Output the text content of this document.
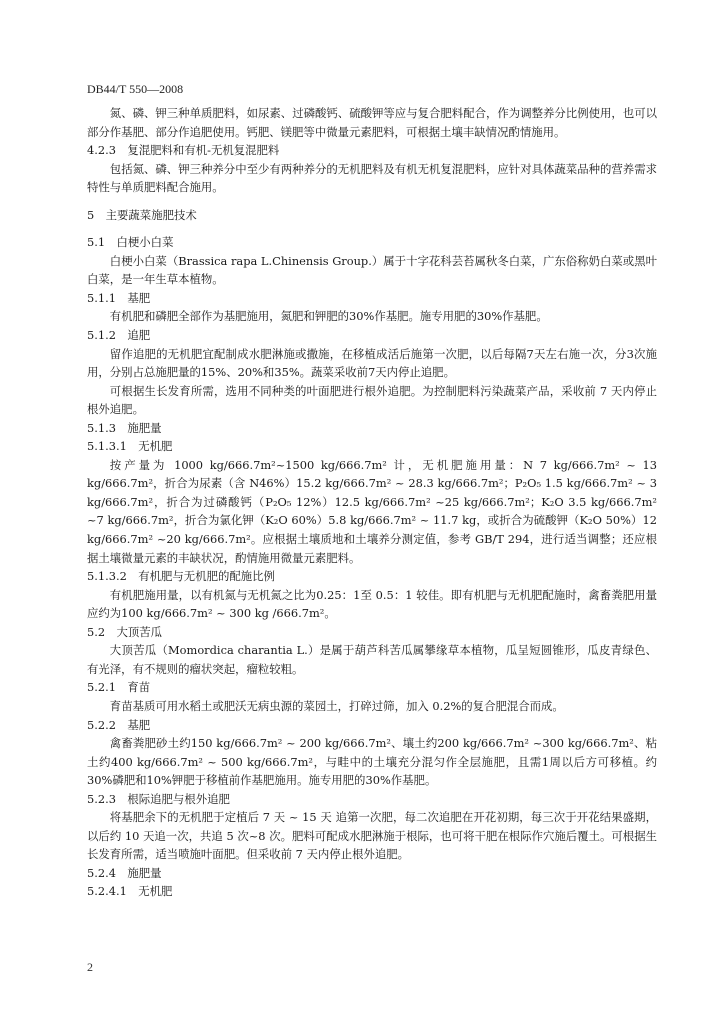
DB44/T 550—2008

氮、磷、钾三种单质肥料，如尿素、过磷酸钙、硫酸钾等应与复合肥料配合，作为调整养分比例使用，也可以部分作基肥、部分作追肥使用。钙肥、镁肥等中微量元素肥料，可根据土壤丰缺情况酌情施用。

4.2.3　复混肥料和有机-无机复混肥料

包括氮、磷、钾三种养分中至少有两种养分的无机肥料及有机无机复混肥料，应针对具体蔬菜品种的营养需求特性与单质肥料配合施用。

5　主要蔬菜施肥技术

5.1　白梗小白菜

白梗小白菜（Brassica rapa L.Chinensis Group.）属于十字花科芸苔属秋冬白菜，广东俗称奶白菜或黑叶白菜，是一年生草本植物。

5.1.1　基肥

有机肥和磷肥全部作为基肥施用，氮肥和钾肥的30%作基肥。施专用肥的30%作基肥。

5.1.2　追肥

留作追肥的无机肥宜配制成水肥淋施或撒施，在移植成活后施第一次肥，以后每隔7天左右施一次，分3次施用，分别占总施肥量的15%、20%和35%。蔬菜采收前7天内停止追肥。

可根据生长发育所需，选用不同种类的叶面肥进行根外追肥。为控制肥料污染蔬菜产品，采收前 7 天内停止根外追肥。

5.1.3　施肥量

5.1.3.1　无机肥

按产量为 1000 kg/666.7m²~1500 kg/666.7m² 计，无机肥施用量：N 7 kg/666.7m² ~ 13 kg/666.7m²，折合为尿素（含 N46%）15.2 kg/666.7m² ~ 28.3 kg/666.7m²；P₂O₅ 1.5 kg/666.7m² ~ 3 kg/666.7m²，折合为过磷酸钙（P₂O₅ 12%）12.5 kg/666.7m² ~25 kg/666.7m²；K₂O 3.5 kg/666.7m² ~7 kg/666.7m²，折合为氯化钾（K₂O 60%）5.8 kg/666.7m² ~ 11.7 kg，或折合为硫酸钾（K₂O 50%）12 kg/666.7m² ~20 kg/666.7m²。应根据土壤质地和土壤养分测定值，参考 GB/T 294，进行适当调整；还应根据土壤微量元素的丰缺状况，酌情施用微量元素肥料。

5.1.3.2　有机肥与无机肥的配施比例

有机肥施用量，以有机氮与无机氮之比为0.25：1至 0.5：1 较佳。即有机肥与无机肥配施时，禽畜粪肥用量应约为100 kg/666.7m² ~ 300 kg /666.7m²。

5.2　大顶苦瓜

大顶苦瓜（Momordica charantia L.）是属于葫芦科苦瓜属攀缘草本植物，瓜呈短圆锥形，瓜皮青绿色、有光泽，有不规则的瘤状突起，瘤粒较粗。

5.2.1　育苗

育苗基质可用水稻土或肥沃无病虫源的菜园土，打碎过筛，加入 0.2%的复合肥混合而成。

5.2.2　基肥

禽畜粪肥砂土约150 kg/666.7m² ~ 200 kg/666.7m²、壤土约200 kg/666.7m² ~300 kg/666.7m²、粘土约400 kg/666.7m² ~ 500 kg/666.7m²，与畦中的土壤充分混匀作全层施肥，且需1周以后方可移植。约30%磷肥和10%钾肥于移植前作基肥施用。施专用肥的30%作基肥。

5.2.3　根际追肥与根外追肥

将基肥余下的无机肥于定植后 7 天 ~ 15 天 追第一次肥，每二次追肥在开花初期，每三次于开花结果盛期，以后约 10 天追一次，共追 5 次~8 次。肥料可配成水肥淋施于根际，也可将干肥在根际作穴施后覆土。可根据生长发育所需，适当喷施叶面肥。但采收前 7 天内停止根外追肥。

5.2.4　施肥量

5.2.4.1　无机肥

2
